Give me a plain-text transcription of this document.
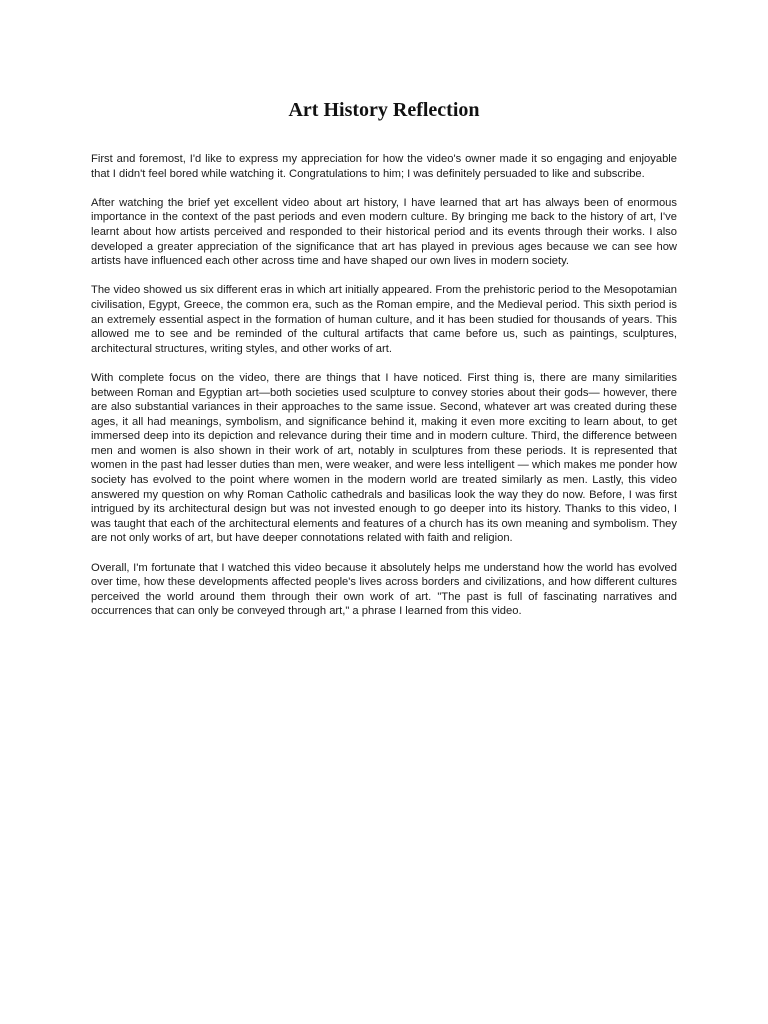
Art History Reflection

First and foremost, I'd like to express my appreciation for how the video's owner made it so engaging and enjoyable that I didn't feel bored while watching it. Congratulations to him; I was definitely persuaded to like and subscribe.

After watching the brief yet excellent video about art history, I have learned that art has always been of enormous importance in the context of the past periods and even modern culture. By bringing me back to the history of art, I've learnt about how artists perceived and responded to their historical period and its events through their works. I also developed a greater appreciation of the significance that art has played in previous ages because we can see how artists have influenced each other across time and have shaped our own lives in modern society.

The video showed us six different eras in which art initially appeared. From the prehistoric period to the Mesopotamian civilisation, Egypt, Greece, the common era, such as the Roman empire, and the Medieval period. This sixth period is an extremely essential aspect in the formation of human culture, and it has been studied for thousands of years. This allowed me to see and be reminded of the cultural artifacts that came before us, such as paintings, sculptures, architectural structures, writing styles, and other works of art.

With complete focus on the video, there are things that I have noticed. First thing is, there are many similarities between Roman and Egyptian art—both societies used sculpture to convey stories about their gods— however, there are also substantial variances in their approaches to the same issue. Second, whatever art was created during these ages, it all had meanings, symbolism, and significance behind it, making it even more exciting to learn about, to get immersed deep into its depiction and relevance during their time and in modern culture. Third, the difference between men and women is also shown in their work of art, notably in sculptures from these periods. It is represented that women in the past had lesser duties than men, were weaker, and were less intelligent — which makes me ponder how society has evolved to the point where women in the modern world are treated similarly as men. Lastly, this video answered my question on why Roman Catholic cathedrals and basilicas look the way they do now. Before, I was first intrigued by its architectural design but was not invested enough to go deeper into its history. Thanks to this video, I was taught that each of the architectural elements and features of a church has its own meaning and symbolism. They are not only works of art, but have deeper connotations related with faith and religion.

Overall, I'm fortunate that I watched this video because it absolutely helps me understand how the world has evolved over time, how these developments affected people's lives across borders and civilizations, and how different cultures perceived the world around them through their own work of art. "The past is full of fascinating narratives and occurrences that can only be conveyed through art," a phrase I learned from this video.
